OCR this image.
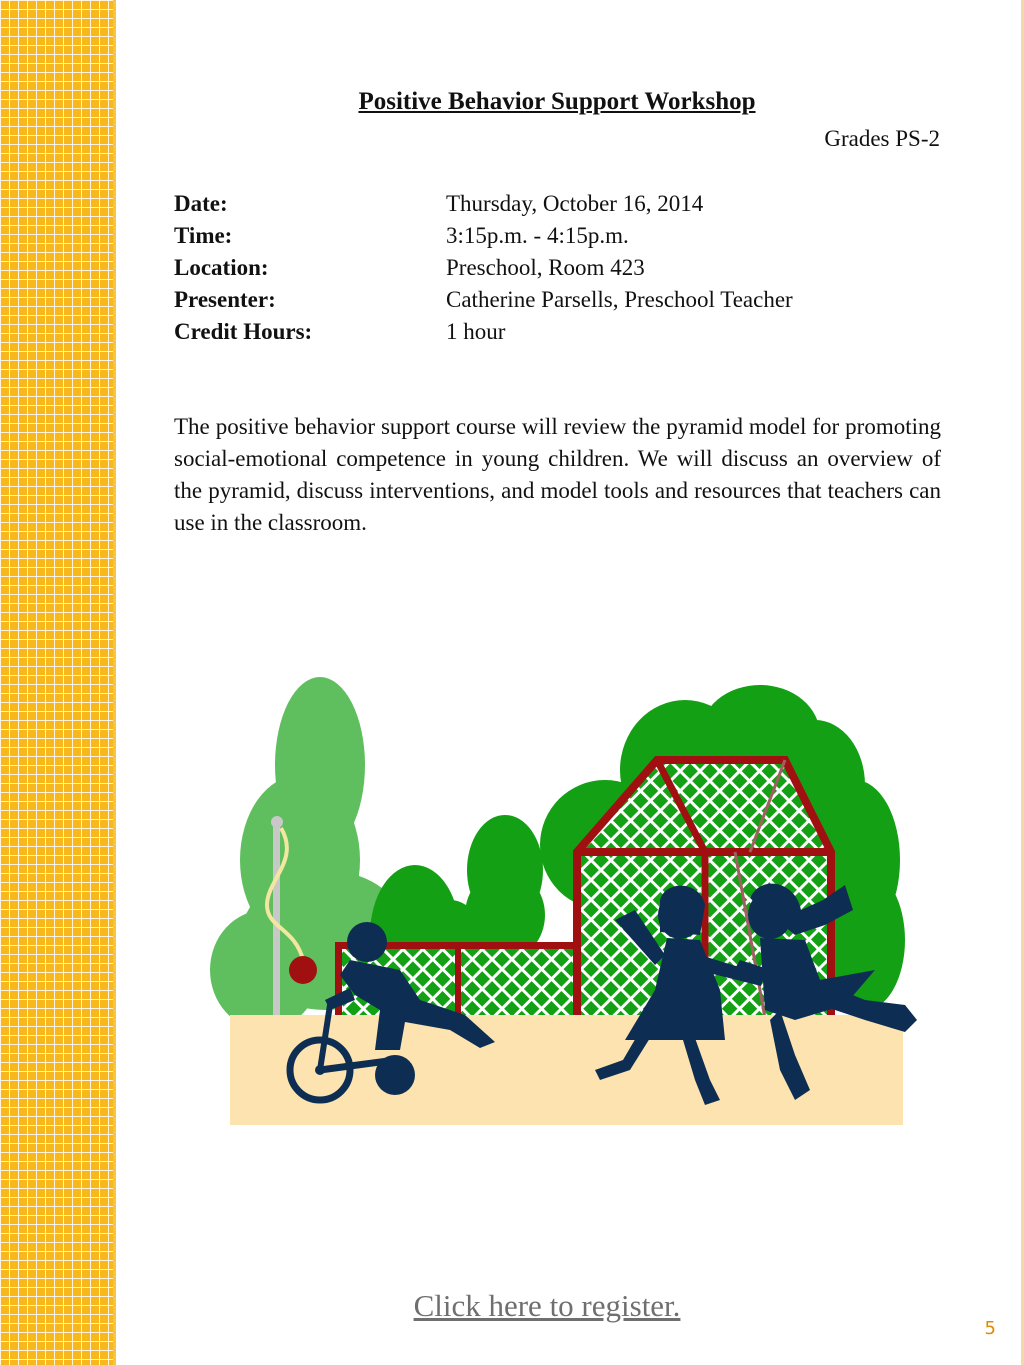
Positive Behavior Support Workshop
Grades PS-2
Date:	Thursday, October 16, 2014
Time:	3:15p.m. - 4:15p.m.
Location:	Preschool, Room 423
Presenter:	Catherine Parsells, Preschool Teacher
Credit Hours:	1 hour

The positive behavior support course will review the pyramid model for promoting social-emotional competence in young children. We will discuss an overview of the pyramid, discuss interventions, and model tools and resources that teachers can use in the classroom.

Click here to register.
5
